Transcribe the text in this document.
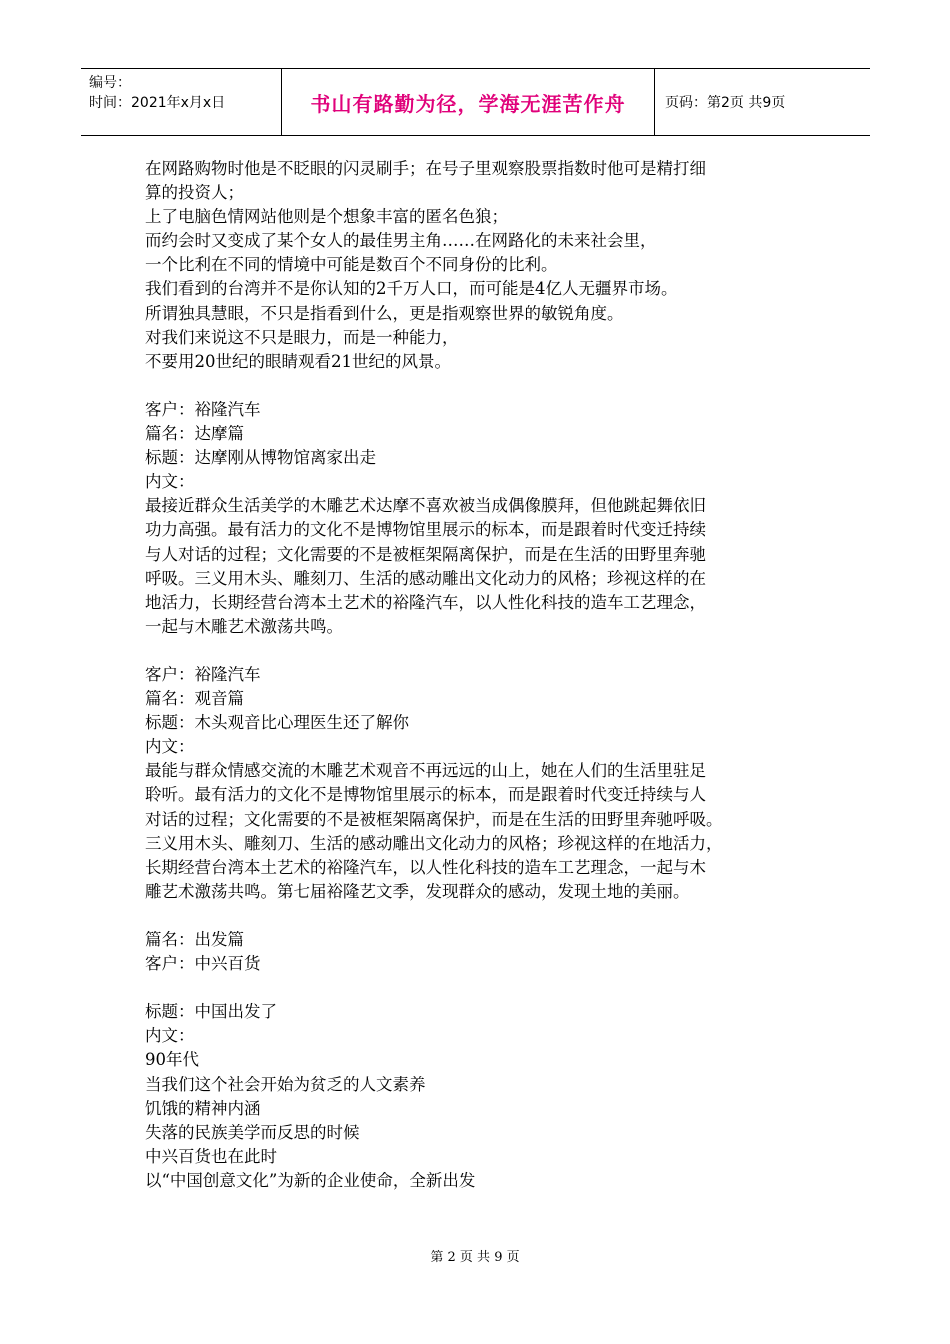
编号：
时间：2021年x月x日	书山有路勤为径，学海无涯苦作舟	页码：第2页 共9页
在网路购物时他是不眨眼的闪灵刷手；在号子里观察股票指数时他可是精打细
算的投资人；
上了电脑色情网站他则是个想象丰富的匿名色狼；
而约会时又变成了某个女人的最佳男主角……在网路化的未来社会里，
一个比利在不同的情境中可能是数百个不同身份的比利。
我们看到的台湾并不是你认知的2千万人口，而可能是4亿人无疆界市场。
所谓独具慧眼，不只是指看到什么，更是指观察世界的敏锐角度。
对我们来说这不只是眼力，而是一种能力，
不要用20世纪的眼睛观看21世纪的风景。
客户：裕隆汽车
篇名：达摩篇
标题：达摩刚从博物馆离家出走
内文：
最接近群众生活美学的木雕艺术达摩不喜欢被当成偶像膜拜，但他跳起舞依旧
功力高强。最有活力的文化不是博物馆里展示的标本，而是跟着时代变迁持续
与人对话的过程；文化需要的不是被框架隔离保护，而是在生活的田野里奔驰
呼吸。三义用木头、雕刻刀、生活的感动雕出文化动力的风格；珍视这样的在
地活力，长期经营台湾本土艺术的裕隆汽车，以人性化科技的造车工艺理念，
一起与木雕艺术激荡共鸣。
客户：裕隆汽车
篇名：观音篇
标题：木头观音比心理医生还了解你
内文：
最能与群众情感交流的木雕艺术观音不再远远的山上，她在人们的生活里驻足
聆听。最有活力的文化不是博物馆里展示的标本，而是跟着时代变迁持续与人
对话的过程；文化需要的不是被框架隔离保护，而是在生活的田野里奔驰呼吸。
三义用木头、雕刻刀、生活的感动雕出文化动力的风格；珍视这样的在地活力，
长期经营台湾本土艺术的裕隆汽车，以人性化科技的造车工艺理念，一起与木
雕艺术激荡共鸣。第七届裕隆艺文季，发现群众的感动，发现土地的美丽。
篇名：出发篇
客户：中兴百货
标题：中国出发了
内文：
90年代
当我们这个社会开始为贫乏的人文素养
饥饿的精神内涵
失落的民族美学而反思的时候
中兴百货也在此时
以“中国创意文化”为新的企业使命，全新出发
第 2 页 共 9 页
